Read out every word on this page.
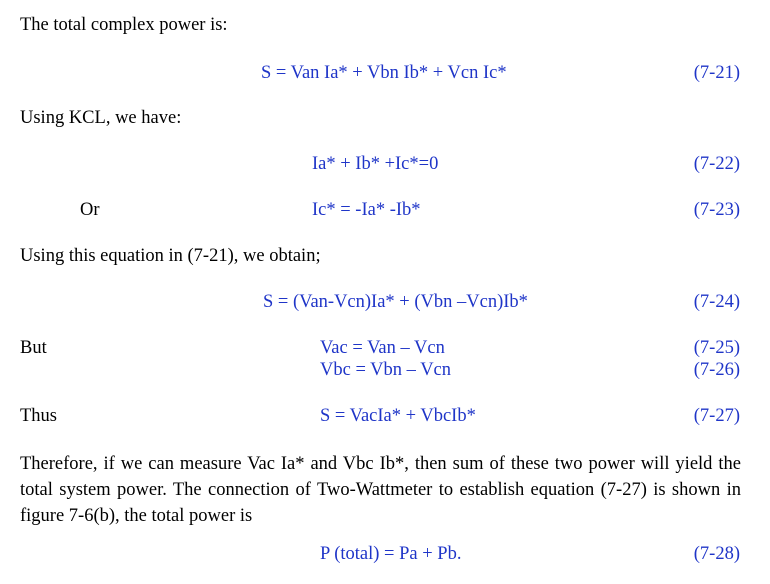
The total complex power is:
S = Van Ia* + Vbn Ib* + Vcn Ic*	(7-21)
Using KCL, we have:
Ia* + Ib* +Ic*=0	(7-22)
Or	Ic* = -Ia* -Ib*	(7-23)
Using this equation in (7-21), we obtain;
S = (Van-Vcn)Ia* + (Vbn –Vcn)Ib*	(7-24)
But	Vac = Van – Vcn	(7-25)
Vbc = Vbn – Vcn	(7-26)
Thus	S = VacIa* + VbcIb*	(7-27)
Therefore, if we can measure Vac Ia* and Vbc Ib*, then sum of these two power will yield the total system power. The connection of Two-Wattmeter to establish equation (7-27) is shown in figure 7-6(b), the total power is
P (total) = Pa + Pb.	(7-28)
